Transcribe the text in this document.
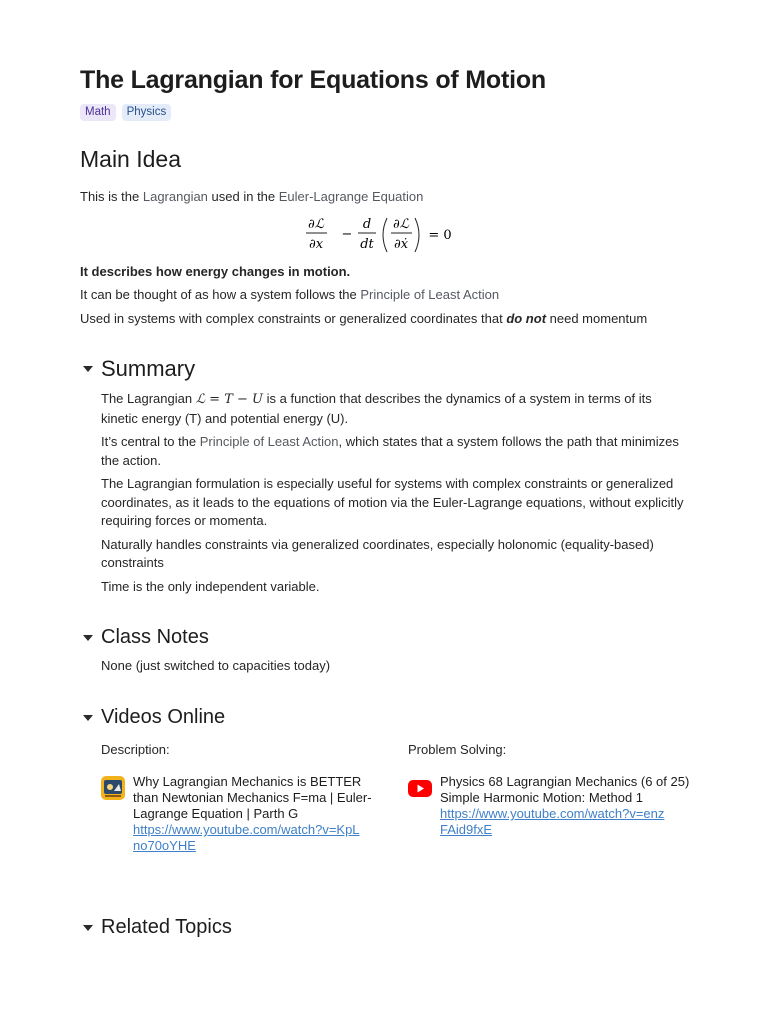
The Lagrangian for Equations of Motion
Math	Physics
Main Idea
This is the Lagrangian used in the Euler-Lagrange Equation
∂ℒ
∂x
−
d
dt
∂ℒ
∂ẋ
= 0
It describes how energy changes in motion.
It can be thought of as how a system follows the Principle of Least Action
Used in systems with complex constraints or generalized coordinates that do not need momentum
Summary

The Lagrangian ℒ = T − U is a function that describes the dynamics of a system in terms of its kinetic energy (T) and potential energy (U).

It’s central to the Principle of Least Action, which states that a system follows the path that minimizes the action.

The Lagrangian formulation is especially useful for systems with complex constraints or generalized coordinates, as it leads to the equations of motion via the Euler-Lagrange equations, without explicitly requiring forces or momenta.

Naturally handles constraints via generalized coordinates, especially holonomic (equality-based) constraints

Time is the only independent variable.

Class Notes
None (just switched to capacities today)
Videos Online
Description:	Problem Solving:
Why Lagrangian Mechanics is BETTER than Newtonian Mechanics F=ma | Euler-Lagrange Equation | Parth G
https://www.youtube.com/watch?v=KpL
no70oYHE
Physics 68 Lagrangian Mechanics (6 of 25) Simple Harmonic Motion: Method 1
https://www.youtube.com/watch?v=enz
FAid9fxE
Related Topics
